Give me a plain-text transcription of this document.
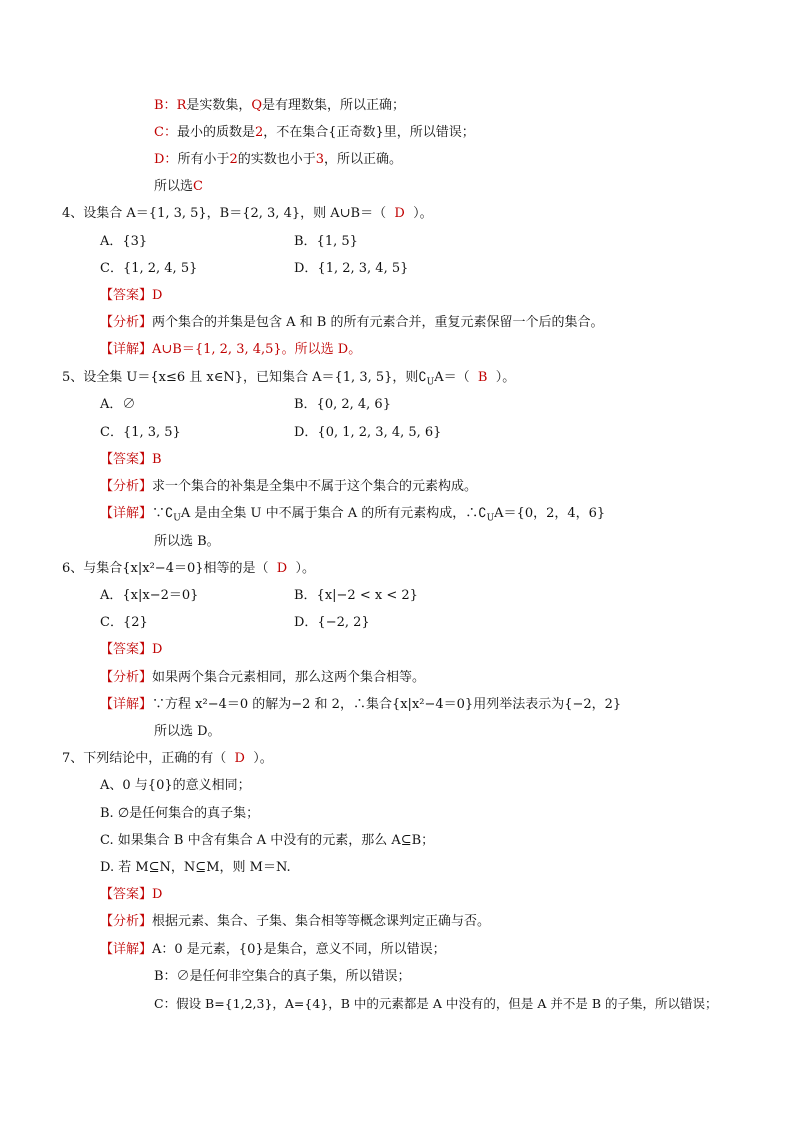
B：R是实数集，Q是有理数集，所以正确；
C：最小的质数是2，不在集合{正奇数}里，所以错误；
D：所有小于2的实数也小于3，所以正确。
所以选C
4、设集合 A＝{1, 3, 5}，B＝{2, 3, 4}，则 A∪B＝（ D ）。
A．{3}	B．{1, 5}
C．{1, 2, 4, 5}	D．{1, 2, 3, 4, 5}
【答案】D
【分析】两个集合的并集是包含 A 和 B 的所有元素合并，重复元素保留一个后的集合。
【详解】A∪B＝{1, 2, 3, 4,5}。所以选 D。
5、设全集 U＝{x≤6 且 x∈N}，已知集合 A＝{1, 3, 5}，则$∁_UA=$（ B ）。
A．∅	B．{0, 2, 4, 6}
C．{1, 3, 5}	D．{0, 1, 2, 3, 4, 5, 6}
【答案】B
【分析】求一个集合的补集是全集中不属于这个集合的元素构成。
【详解】$\because∁_UA$ 是由全集 U 中不属于集合 A 的所有元素构成，$\therefore∁_UA=\{0$，2，4，6}
所以选 B。
6、与集合{x|x²−4＝0}相等的是（ D ）。
A．{x|x−2＝0}	B．{x|−2 < x < 2}
C．{2}	D．{−2, 2}
【答案】D
【分析】如果两个集合元素相同，那么这两个集合相等。
【详解】∵方程 x²−4＝0 的解为−2 和 2，∴集合{x|x²−4＝0}用列举法表示为{−2，2}
所以选 D。
7、下列结论中，正确的有（ D ）。
A、0 与{0}的意义相同；
B. ∅是任何集合的真子集；
C. 如果集合 B 中含有集合 A 中没有的元素，那么 A⊆B；
D. 若 M⊆N，N⊆M，则 M＝N.
【答案】D
【分析】根据元素、集合、子集、集合相等等概念课判定正确与否。
【详解】A：0 是元素，{0}是集合，意义不同，所以错误；
B：∅是任何非空集合的真子集，所以错误；
C：假设 B={1,2,3}，A={4}，B 中的元素都是 A 中没有的，但是 A 并不是 B 的子集，所以错误；
